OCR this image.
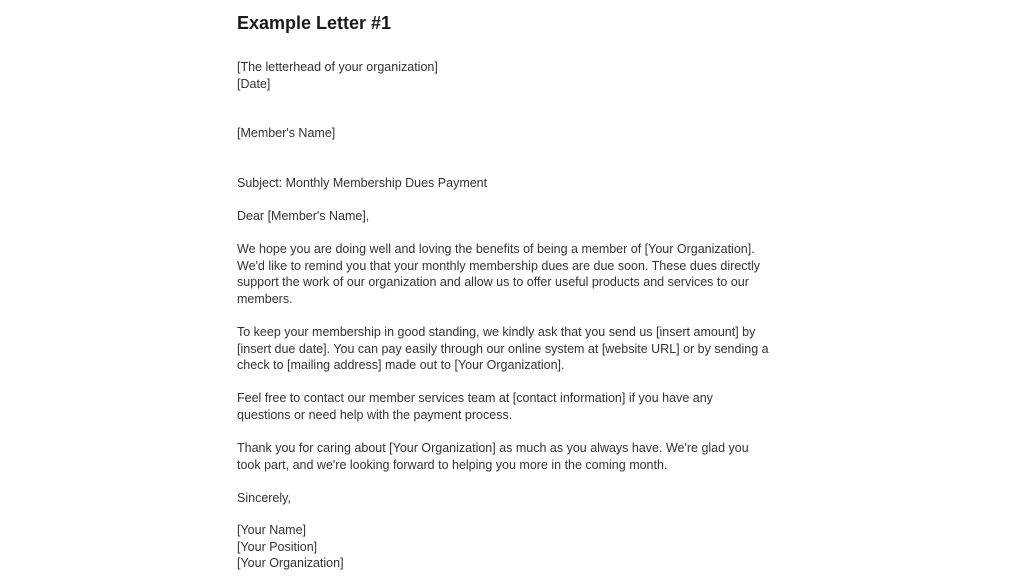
Example Letter #1
[The letterhead of your organization]
[Date]
[Member's Name]
Subject: Monthly Membership Dues Payment
Dear [Member's Name],
We hope you are doing well and loving the benefits of being a member of [Your Organization].
We'd like to remind you that your monthly membership dues are due soon. These dues directly
support the work of our organization and allow us to offer useful products and services to our
members.
To keep your membership in good standing, we kindly ask that you send us [insert amount] by
[insert due date]. You can pay easily through our online system at [website URL] or by sending a
check to [mailing address] made out to [Your Organization].
Feel free to contact our member services team at [contact information] if you have any
questions or need help with the payment process.
Thank you for caring about [Your Organization] as much as you always have. We're glad you
took part, and we're looking forward to helping you more in the coming month.
Sincerely,
[Your Name]
[Your Position]
[Your Organization]
